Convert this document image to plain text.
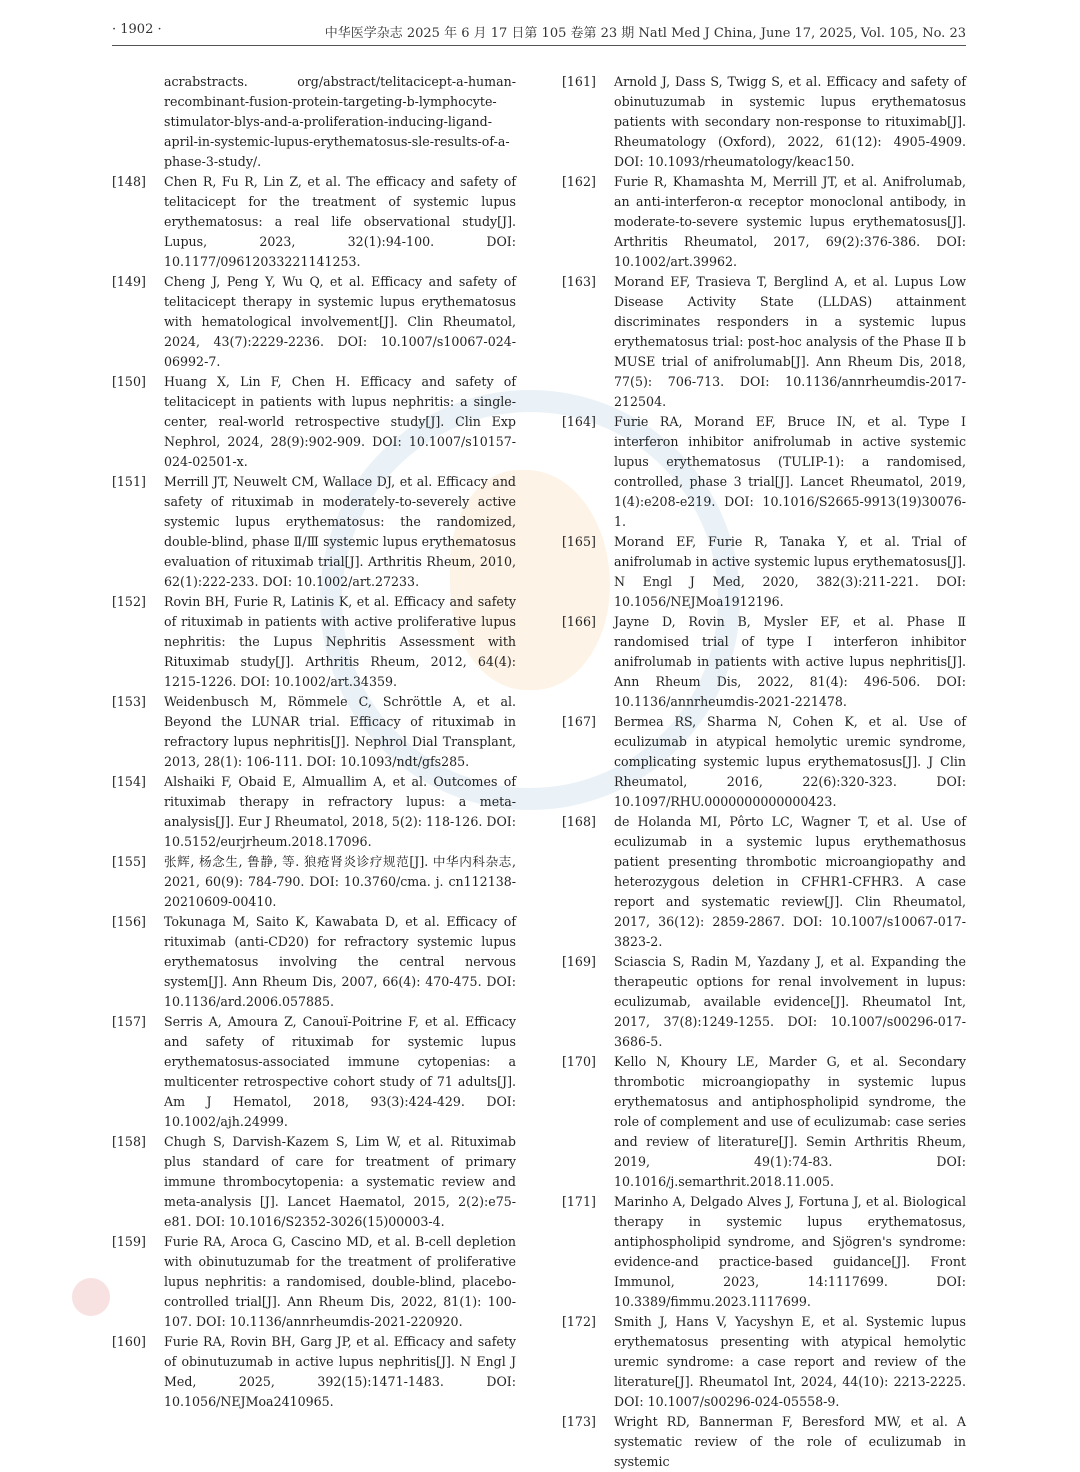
· 1902 ·	中华医学杂志 2025 年 6 月 17 日第 105 卷第 23 期 Natl Med J China, June 17, 2025, Vol. 105, No. 23
acrabstracts. org/abstract/telitacicept-a-human-recombinant-fusion-protein-targeting-b-lymphocyte-stimulator-blys-and-a-proliferation-inducing-ligand-april-in-systemic-lupus-erythematosus-sle-results-of-a-phase-3-study/.
[148]	Chen R, Fu R, Lin Z, et al. The efficacy and safety of telitacicept for the treatment of systemic lupus erythematosus: a real life observational study[J]. Lupus, 2023, 32(1):94-100. DOI: 10.1177/09612033221141253.
[149]	Cheng J, Peng Y, Wu Q, et al. Efficacy and safety of telitacicept therapy in systemic lupus erythematosus with hematological involvement[J]. Clin Rheumatol, 2024, 43(7):2229-2236. DOI: 10.1007/s10067-024-06992-7.
[150]	Huang X, Lin F, Chen H. Efficacy and safety of telitacicept in patients with lupus nephritis: a single-center, real-world retrospective study[J]. Clin Exp Nephrol, 2024, 28(9):902-909. DOI: 10.1007/s10157-024-02501-x.
[151]	Merrill JT, Neuwelt CM, Wallace DJ, et al. Efficacy and safety of rituximab in moderately-to-severely active systemic lupus erythematosus: the randomized, double-blind, phase Ⅱ/Ⅲ systemic lupus erythematosus evaluation of rituximab trial[J]. Arthritis Rheum, 2010, 62(1):222-233. DOI: 10.1002/art.27233.
[152]	Rovin BH, Furie R, Latinis K, et al. Efficacy and safety of rituximab in patients with active proliferative lupus nephritis: the Lupus Nephritis Assessment with Rituximab study[J]. Arthritis Rheum, 2012, 64(4): 1215-1226. DOI: 10.1002/art.34359.
[153]	Weidenbusch M, Römmele C, Schröttle A, et al. Beyond the LUNAR trial. Efficacy of rituximab in refractory lupus nephritis[J]. Nephrol Dial Transplant, 2013, 28(1): 106-111. DOI: 10.1093/ndt/gfs285.
[154]	Alshaiki F, Obaid E, Almuallim A, et al. Outcomes of rituximab therapy in refractory lupus: a meta-analysis[J]. Eur J Rheumatol, 2018, 5(2): 118-126. DOI: 10.5152/eurjrheum.2018.17096.
[155]	张辉, 杨念生, 鲁静, 等. 狼疮肾炎诊疗规范[J]. 中华内科杂志, 2021, 60(9): 784-790. DOI: 10.3760/cma. j. cn112138-20210609-00410.
[156]	Tokunaga M, Saito K, Kawabata D, et al. Efficacy of rituximab (anti-CD20) for refractory systemic lupus erythematosus involving the central nervous system[J]. Ann Rheum Dis, 2007, 66(4): 470-475. DOI: 10.1136/ard.2006.057885.
[157]	Serris A, Amoura Z, Canouï-Poitrine F, et al. Efficacy and safety of rituximab for systemic lupus erythematosus-associated immune cytopenias: a multicenter retrospective cohort study of 71 adults[J]. Am J Hematol, 2018, 93(3):424-429. DOI: 10.1002/ajh.24999.
[158]	Chugh S, Darvish-Kazem S, Lim W, et al. Rituximab plus standard of care for treatment of primary immune thrombocytopenia: a systematic review and meta-analysis [J]. Lancet Haematol, 2015, 2(2):e75-e81. DOI: 10.1016/S2352-3026(15)00003-4.
[159]	Furie RA, Aroca G, Cascino MD, et al. B-cell depletion with obinutuzumab for the treatment of proliferative lupus nephritis: a randomised, double-blind, placebo-controlled trial[J]. Ann Rheum Dis, 2022, 81(1): 100-107. DOI: 10.1136/annrheumdis-2021-220920.
[160]	Furie RA, Rovin BH, Garg JP, et al. Efficacy and safety of obinutuzumab in active lupus nephritis[J]. N Engl J Med, 2025, 392(15):1471-1483. DOI: 10.1056/NEJMoa2410965.
[161]	Arnold J, Dass S, Twigg S, et al. Efficacy and safety of obinutuzumab in systemic lupus erythematosus patients with secondary non-response to rituximab[J]. Rheumatology (Oxford), 2022, 61(12): 4905-4909. DOI: 10.1093/rheumatology/keac150.
[162]	Furie R, Khamashta M, Merrill JT, et al. Anifrolumab, an anti-interferon-α receptor monoclonal antibody, in moderate-to-severe systemic lupus erythematosus[J]. Arthritis Rheumatol, 2017, 69(2):376-386. DOI: 10.1002/art.39962.
[163]	Morand EF, Trasieva T, Berglind A, et al. Lupus Low Disease Activity State (LLDAS) attainment discriminates responders in a systemic lupus erythematosus trial: post-hoc analysis of the Phase Ⅱ b MUSE trial of anifrolumab[J]. Ann Rheum Dis, 2018, 77(5): 706-713. DOI: 10.1136/annrheumdis-2017-212504.
[164]	Furie RA, Morand EF, Bruce IN, et al. Type Ⅰ interferon inhibitor anifrolumab in active systemic lupus erythematosus (TULIP-1): a randomised, controlled, phase 3 trial[J]. Lancet Rheumatol, 2019, 1(4):e208-e219. DOI: 10.1016/S2665-9913(19)30076-1.
[165]	Morand EF, Furie R, Tanaka Y, et al. Trial of anifrolumab in active systemic lupus erythematosus[J]. N Engl J Med, 2020, 382(3):211-221. DOI: 10.1056/NEJMoa1912196.
[166]	Jayne D, Rovin B, Mysler EF, et al. Phase Ⅱ randomised trial of type Ⅰ interferon inhibitor anifrolumab in patients with active lupus nephritis[J]. Ann Rheum Dis, 2022, 81(4): 496-506. DOI: 10.1136/annrheumdis-2021-221478.
[167]	Bermea RS, Sharma N, Cohen K, et al. Use of eculizumab in atypical hemolytic uremic syndrome, complicating systemic lupus erythematosus[J]. J Clin Rheumatol, 2016, 22(6):320-323. DOI: 10.1097/RHU.0000000000000423.
[168]	de Holanda MI, Pôrto LC, Wagner T, et al. Use of eculizumab in a systemic lupus erythemathosus patient presenting thrombotic microangiopathy and heterozygous deletion in CFHR1-CFHR3. A case report and systematic review[J]. Clin Rheumatol, 2017, 36(12): 2859-2867. DOI: 10.1007/s10067-017-3823-2.
[169]	Sciascia S, Radin M, Yazdany J, et al. Expanding the therapeutic options for renal involvement in lupus: eculizumab, available evidence[J]. Rheumatol Int, 2017, 37(8):1249-1255. DOI: 10.1007/s00296-017-3686-5.
[170]	Kello N, Khoury LE, Marder G, et al. Secondary thrombotic microangiopathy in systemic lupus erythematosus and antiphospholipid syndrome, the role of complement and use of eculizumab: case series and review of literature[J]. Semin Arthritis Rheum, 2019, 49(1):74-83. DOI: 10.1016/j.semarthrit.2018.11.005.
[171]	Marinho A, Delgado Alves J, Fortuna J, et al. Biological therapy in systemic lupus erythematosus, antiphospholipid syndrome, and Sjögren's syndrome: evidence-and practice-based guidance[J]. Front Immunol, 2023, 14:1117699. DOI: 10.3389/fimmu.2023.1117699.
[172]	Smith J, Hans V, Yacyshyn E, et al. Systemic lupus erythematosus presenting with atypical hemolytic uremic syndrome: a case report and review of the literature[J]. Rheumatol Int, 2024, 44(10): 2213-2225. DOI: 10.1007/s00296-024-05558-9.
[173]	Wright RD, Bannerman F, Beresford MW, et al. A systematic review of the role of eculizumab in systemic
